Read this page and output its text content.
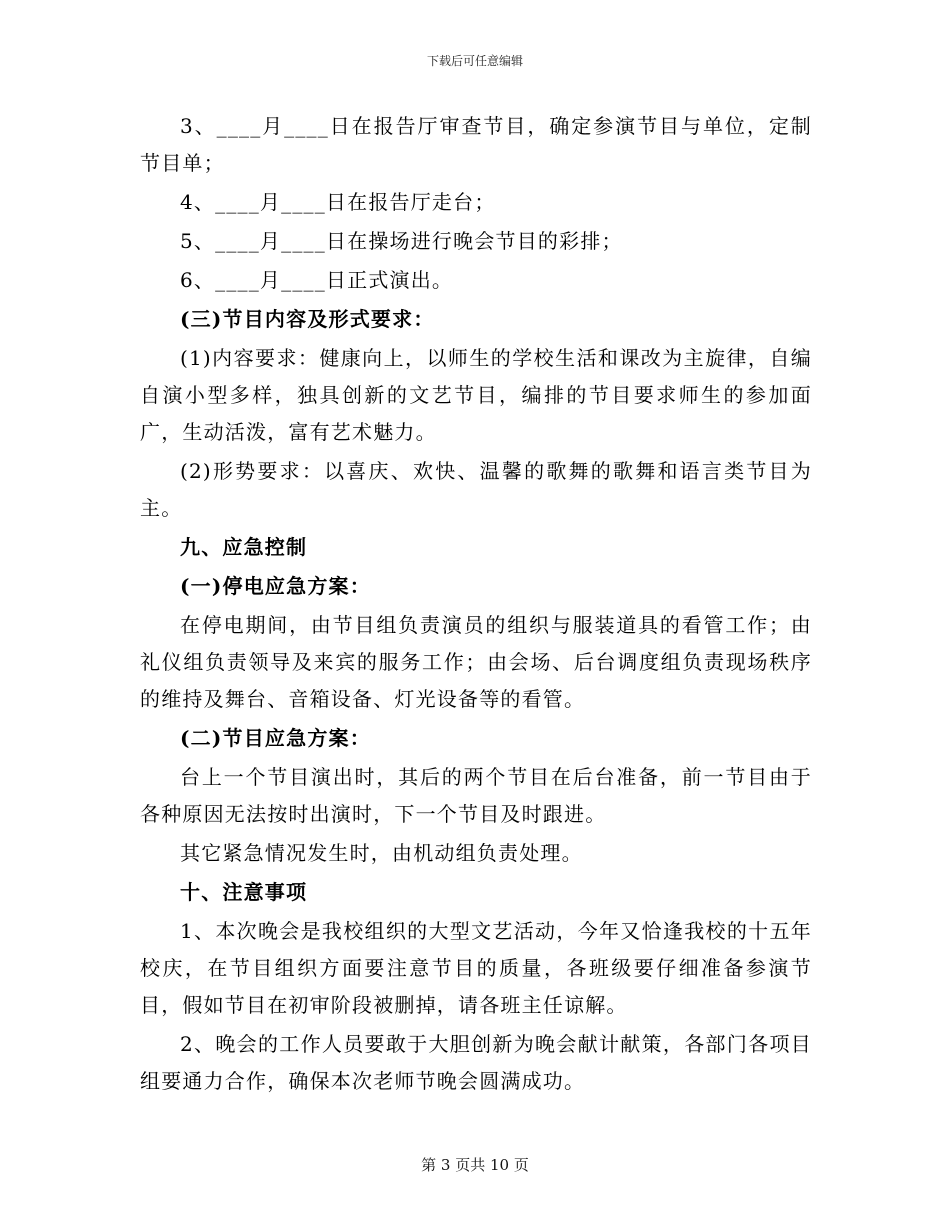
下载后可任意编辑

3、____月____日在报告厅审查节目，确定参演节目与单位，定制节目单；

4、____月____日在报告厅走台；

5、____月____日在操场进行晚会节目的彩排；

6、____月____日正式演出。

(三)节目内容及形式要求：

(1)内容要求：健康向上，以师生的学校生活和课改为主旋律，自编自演小型多样，独具创新的文艺节目，编排的节目要求师生的参加面广，生动活泼，富有艺术魅力。

(2)形势要求：以喜庆、欢快、温馨的歌舞的歌舞和语言类节目为主。

九、应急控制

(一)停电应急方案：

在停电期间，由节目组负责演员的组织与服装道具的看管工作；由礼仪组负责领导及来宾的服务工作；由会场、后台调度组负责现场秩序的维持及舞台、音箱设备、灯光设备等的看管。

(二)节目应急方案：

台上一个节目演出时，其后的两个节目在后台准备，前一节目由于各种原因无法按时出演时，下一个节目及时跟进。

其它紧急情况发生时，由机动组负责处理。

十、注意事项

1、本次晚会是我校组织的大型文艺活动，今年又恰逢我校的十五年校庆，在节目组织方面要注意节目的质量，各班级要仔细准备参演节目，假如节目在初审阶段被删掉，请各班主任谅解。

2、晚会的工作人员要敢于大胆创新为晚会献计献策，各部门各项目组要通力合作，确保本次老师节晚会圆满成功。

第 3 页共 10 页
